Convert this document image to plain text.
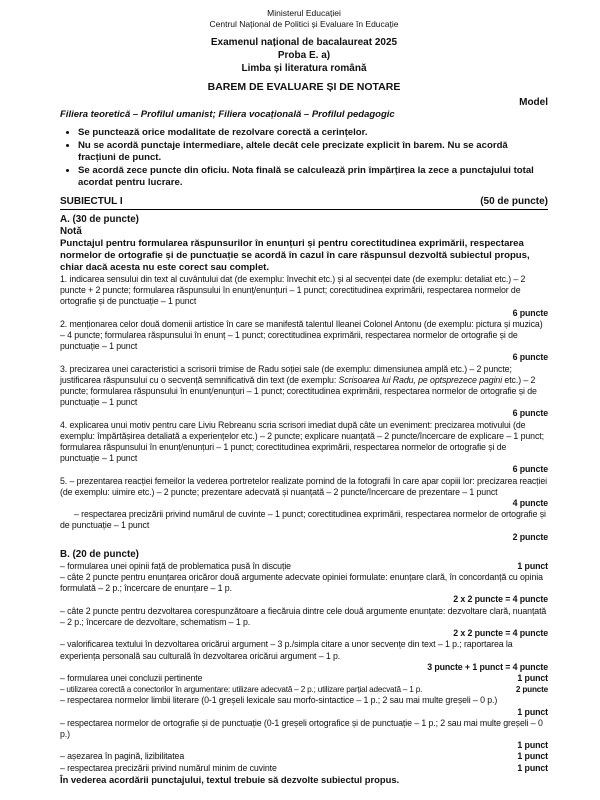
Ministerul Educației
Centrul Național de Politici și Evaluare în Educație
Examenul național de bacalaureat 2025
Proba E. a)
Limba și literatura română
BAREM DE EVALUARE ȘI DE NOTARE
Model
Filiera teoretică – Profilul umanist; Filiera vocațională – Profilul pedagogic
• Se punctează orice modalitate de rezolvare corectă a cerințelor.
• Nu se acordă punctaje intermediare, altele decât cele precizate explicit în barem. Nu se acordă fracțiuni de punct.
• Se acordă zece puncte din oficiu. Nota finală se calculează prin împărțirea la zece a punctajului total acordat pentru lucrare.
SUBIECTUL I	(50 de puncte)
A. (30 de puncte)
Notă
Punctajul pentru formularea răspunsurilor în enunțuri și pentru corectitudinea exprimării, respectarea normelor de ortografie și de punctuație se acordă în cazul în care răspunsul dezvoltă subiectul propus, chiar dacă acesta nu este corect sau complet.
1. indicarea sensului din text al cuvântului dat (de exemplu: învechit etc.) și al secvenței date (de exemplu: detaliat etc.) – 2 puncte + 2 puncte; formularea răspunsului în enunț/enunțuri – 1 punct; corectitudinea exprimării, respectarea normelor de ortografie și de punctuație – 1 punct
6 puncte
2. menționarea celor două domenii artistice în care se manifestă talentul Ileanei Colonel Antonu (de exemplu: pictura și muzica) – 4 puncte; formularea răspunsului în enunț – 1 punct; corectitudinea exprimării, respectarea normelor de ortografie și de punctuație – 1 punct
6 puncte
3. precizarea unei caracteristici a scrisorii trimise de Radu soției sale (de exemplu: dimensiunea amplă etc.) – 2 puncte; justificarea răspunsului cu o secvență semnificativă din text (de exemplu: Scrisoarea lui Radu, pe optsprezece pagini etc.) – 2 puncte; formularea răspunsului în enunț/enunțuri – 1 punct; corectitudinea exprimării, respectarea normelor de ortografie și de punctuație – 1 punct
6 puncte
4. explicarea unui motiv pentru care Liviu Rebreanu scria scrisori imediat după câte un eveniment: precizarea motivului (de exemplu: împărtășirea detaliată a experiențelor etc.) – 2 puncte; explicare nuanțată – 2 puncte/încercare de explicare – 1 punct; formularea răspunsului în enunț/enunțuri – 1 punct; corectitudinea exprimării, respectarea normelor de ortografie și de punctuație – 1 punct
6 puncte
5. – prezentarea reacției femeilor la vederea portretelor realizate pornind de la fotografii în care apar copiii lor: precizarea reacției (de exemplu: uimire etc.) – 2 puncte; prezentare adecvată și nuanțată – 2 puncte/încercare de prezentare – 1 punct
4 puncte
– respectarea precizării privind numărul de cuvinte – 1 punct; corectitudinea exprimării, respectarea normelor de ortografie și de punctuație – 1 punct
2 puncte
B. (20 de puncte)
– formularea unei opinii față de problematica pusă în discuție	1 punct
– câte 2 puncte pentru enunțarea oricăror două argumente adecvate opiniei formulate: enunțare clară, în concordanță cu opinia formulată – 2 p.; încercare de enunțare – 1 p.
2 x 2 puncte = 4 puncte
– câte 2 puncte pentru dezvoltarea corespunzătoare a fiecăruia dintre cele două argumente enunțate: dezvoltare clară, nuanțată – 2 p.; încercare de dezvoltare, schematism – 1 p.
2 x 2 puncte = 4 puncte
– valorificarea textului în dezvoltarea oricărui argument – 3 p./simpla citare a unor secvențe din text – 1 p.; raportarea la experiența personală sau culturală în dezvoltarea oricărui argument – 1 p.
3 puncte + 1 punct = 4 puncte
– formularea unei concluzii pertinente	1 punct
– utilizarea corectă a conectorilor în argumentare: utilizare adecvată – 2 p.; utilizare parțial adecvată – 1 p.	2 puncte
– respectarea normelor limbii literare (0-1 greșeli lexicale sau morfo-sintactice – 1 p.; 2 sau mai multe greșeli – 0 p.)
1 punct
– respectarea normelor de ortografie și de punctuație (0-1 greșeli ortografice și de punctuație – 1 p.; 2 sau mai multe greșeli – 0 p.)
1 punct
– așezarea în pagină, lizibilitatea	1 punct
– respectarea precizării privind numărul minim de cuvinte	1 punct
În vederea acordării punctajului, textul trebuie să dezvolte subiectul propus.
